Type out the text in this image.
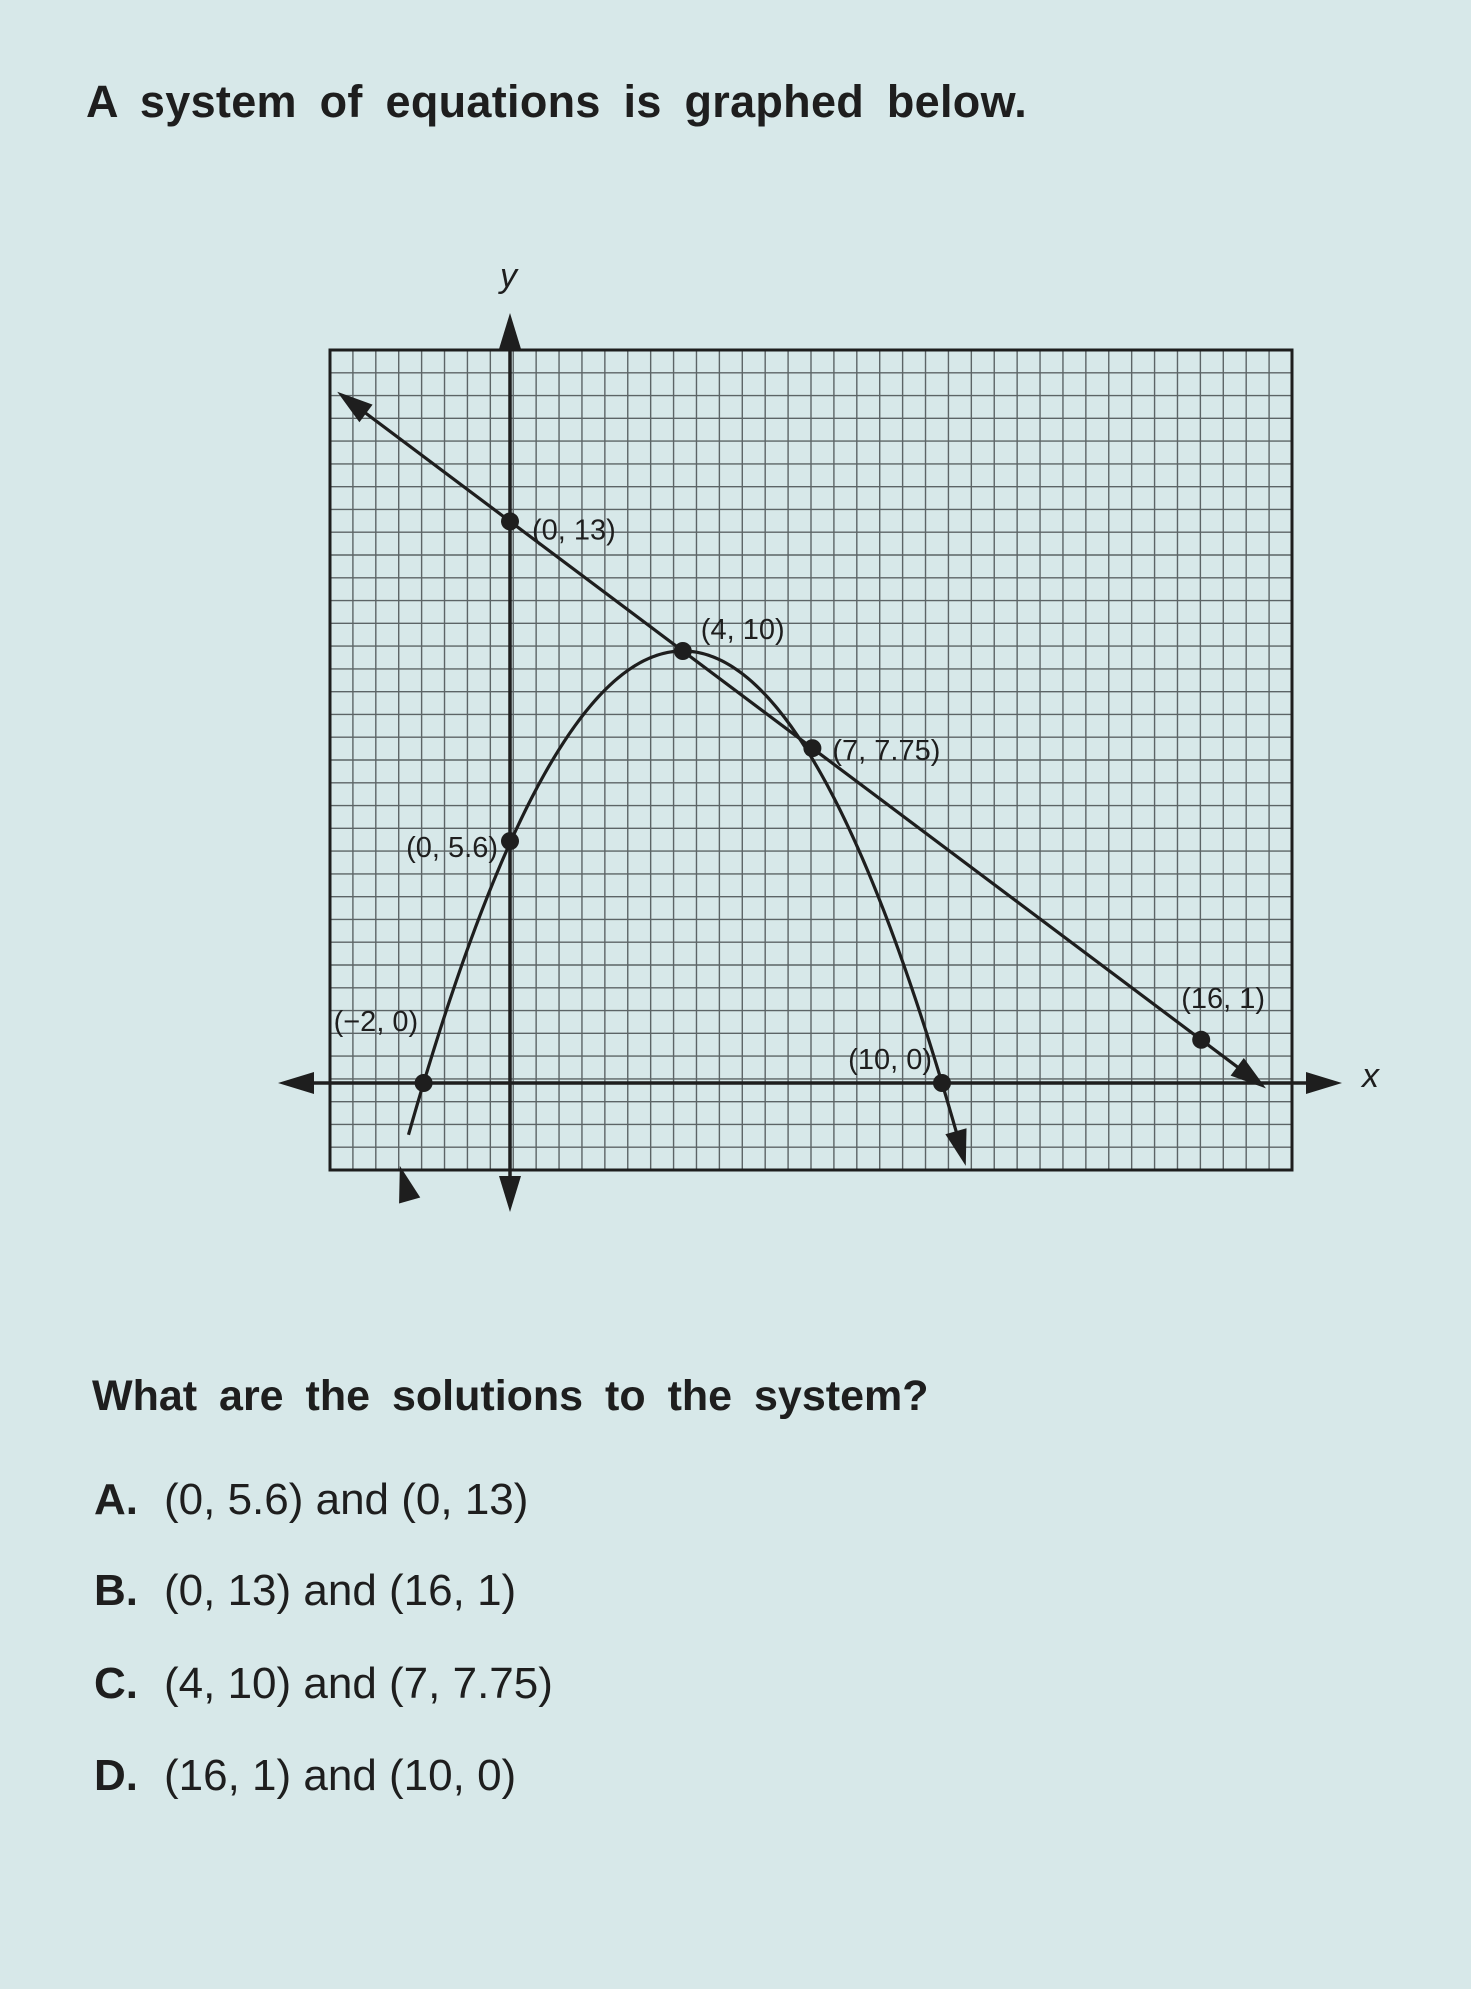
A system of equations is graphed below.
(0, 13)
(4, 10)
(7, 7.75)
(0, 5.6)
(16, 1)
(−2, 0)
(10, 0)	x
y
What are the solutions to the system?
A. (0, 5.6) and (0, 13)
B. (0, 13) and (16, 1)
C. (4, 10) and (7, 7.75)
D. (16, 1) and (10, 0)
